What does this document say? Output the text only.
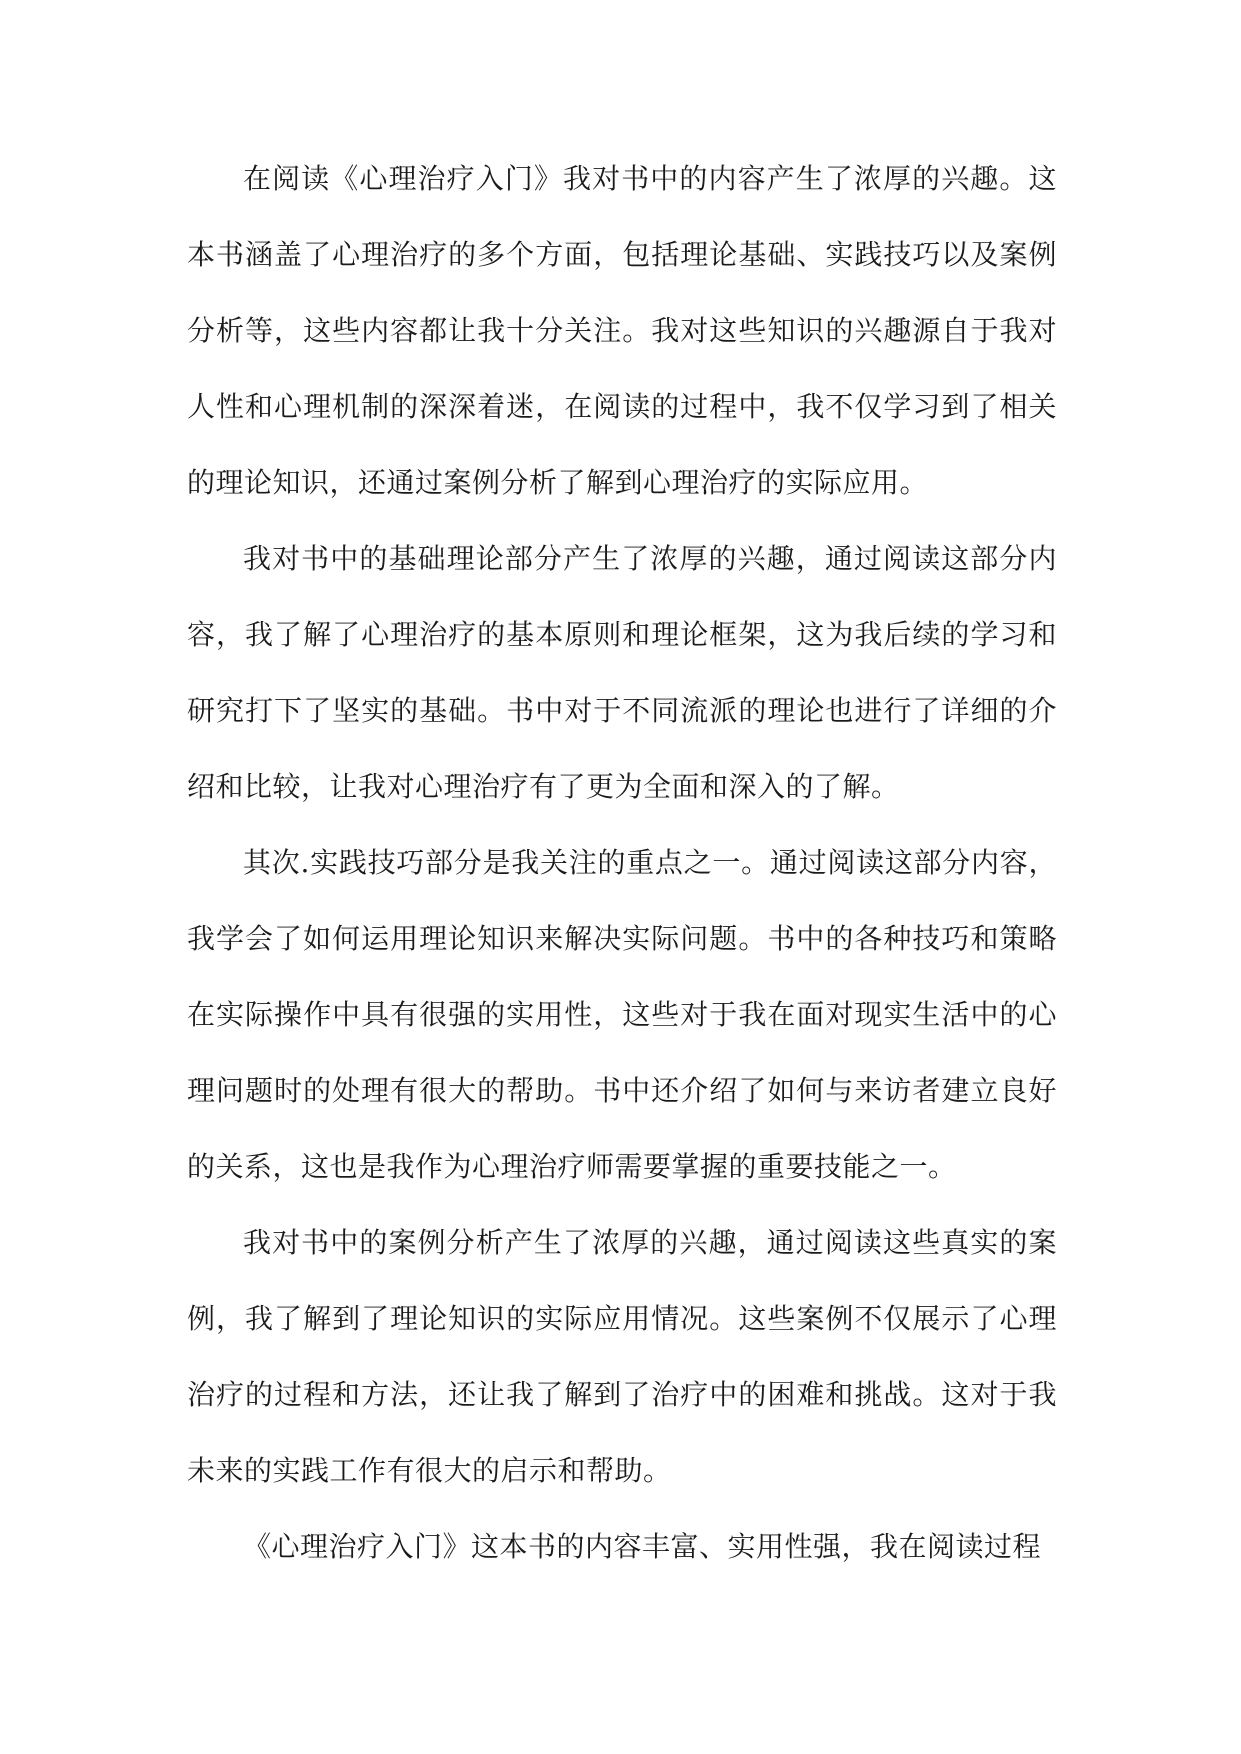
在阅读《心理治疗入门》我对书中的内容产生了浓厚的兴趣。这本书涵盖了心理治疗的多个方面，包括理论基础、实践技巧以及案例分析等，这些内容都让我十分关注。我对这些知识的兴趣源自于我对人性和心理机制的深深着迷，在阅读的过程中，我不仅学习到了相关的理论知识，还通过案例分析了解到心理治疗的实际应用。

我对书中的基础理论部分产生了浓厚的兴趣，通过阅读这部分内容，我了解了心理治疗的基本原则和理论框架，这为我后续的学习和研究打下了坚实的基础。书中对于不同流派的理论也进行了详细的介绍和比较，让我对心理治疗有了更为全面和深入的了解。

其次.实践技巧部分是我关注的重点之一。通过阅读这部分内容，我学会了如何运用理论知识来解决实际问题。书中的各种技巧和策略在实际操作中具有很强的实用性，这些对于我在面对现实生活中的心理问题时的处理有很大的帮助。书中还介绍了如何与来访者建立良好的关系，这也是我作为心理治疗师需要掌握的重要技能之一。

我对书中的案例分析产生了浓厚的兴趣，通过阅读这些真实的案例，我了解到了理论知识的实际应用情况。这些案例不仅展示了心理治疗的过程和方法，还让我了解到了治疗中的困难和挑战。这对于我未来的实践工作有很大的启示和帮助。

《心理治疗入门》这本书的内容丰富、实用性强，我在阅读过程
